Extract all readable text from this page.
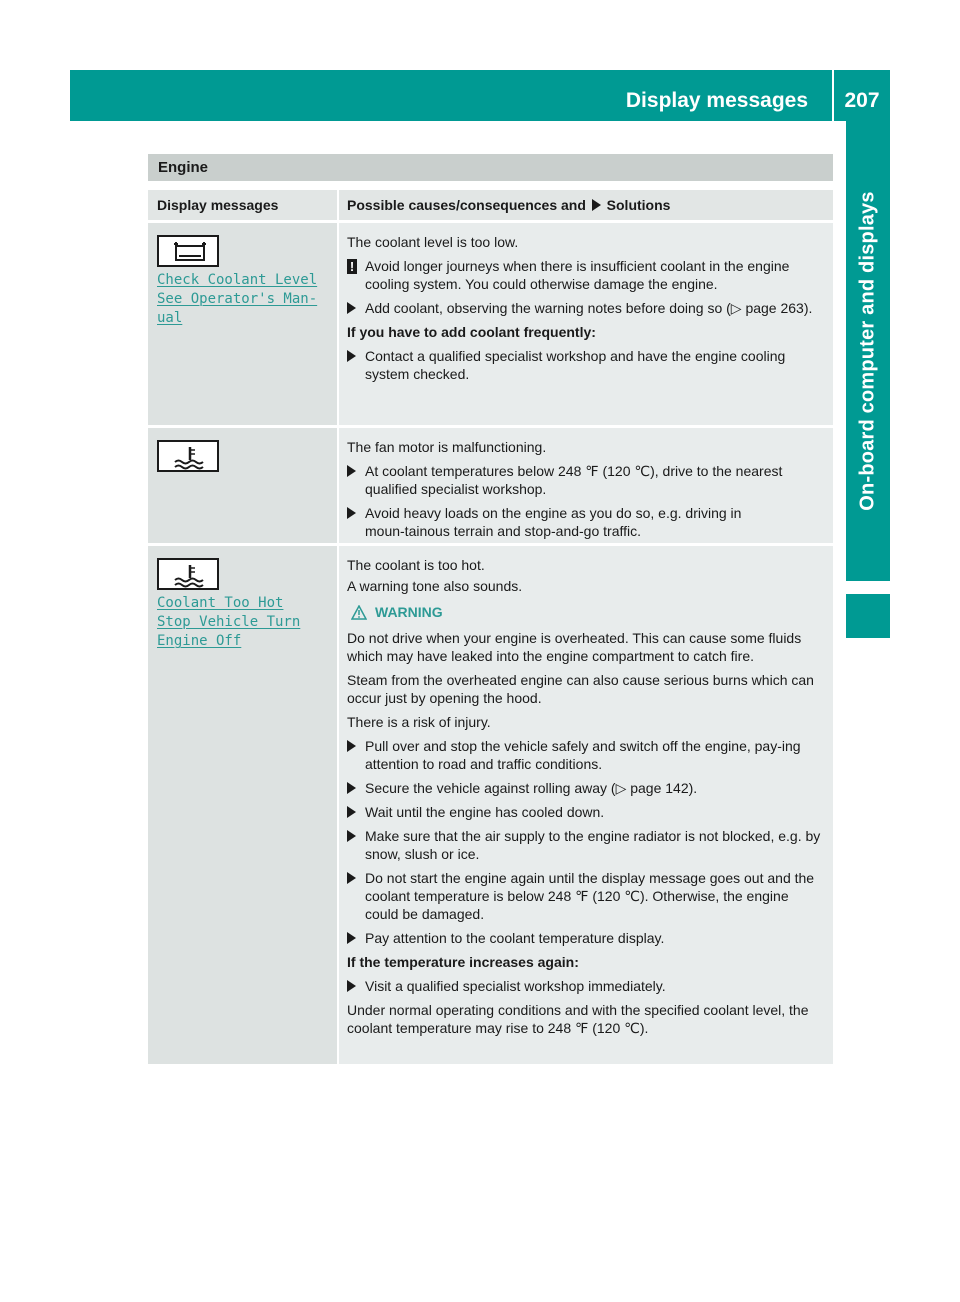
Display messages	207
On-board computer and displays
Engine
Display messages	Possible causes/consequences and Solutions
Check Coolant Level
See Operator's Man‑
ual

The coolant level is too low.

! Avoid longer journeys when there is insufficient coolant in the engine cooling system. You could otherwise damage the engine.
Add coolant, observing the warning notes before doing so (▷ page 263).

If you have to add coolant frequently:

Contact a qualified specialist workshop and have the engine cooling system checked.

The fan motor is malfunctioning.

At coolant temperatures below 248 ℉ (120 ℃), drive to the nearest qualified specialist workshop.
Avoid heavy loads on the engine as you do so, e.g. driving in moun‑tainous terrain and stop-and-go traffic.
Coolant Too Hot
Stop Vehicle Turn
Engine Off

The coolant is too hot.

A warning tone also sounds.

WARNING

Do not drive when your engine is overheated. This can cause some fluids which may have leaked into the engine compartment to catch fire.

Steam from the overheated engine can also cause serious burns which can occur just by opening the hood.

There is a risk of injury.

Pull over and stop the vehicle safely and switch off the engine, pay‑ing attention to road and traffic conditions.
Secure the vehicle against rolling away (▷ page 142).
Wait until the engine has cooled down.
Make sure that the air supply to the engine radiator is not blocked, e.g. by snow, slush or ice.
Do not start the engine again until the display message goes out and the coolant temperature is below 248 ℉ (120 ℃). Otherwise, the engine could be damaged.
Pay attention to the coolant temperature display.

If the temperature increases again:

Visit a qualified specialist workshop immediately.

Under normal operating conditions and with the specified coolant level, the coolant temperature may rise to 248 ℉ (120 ℃).
